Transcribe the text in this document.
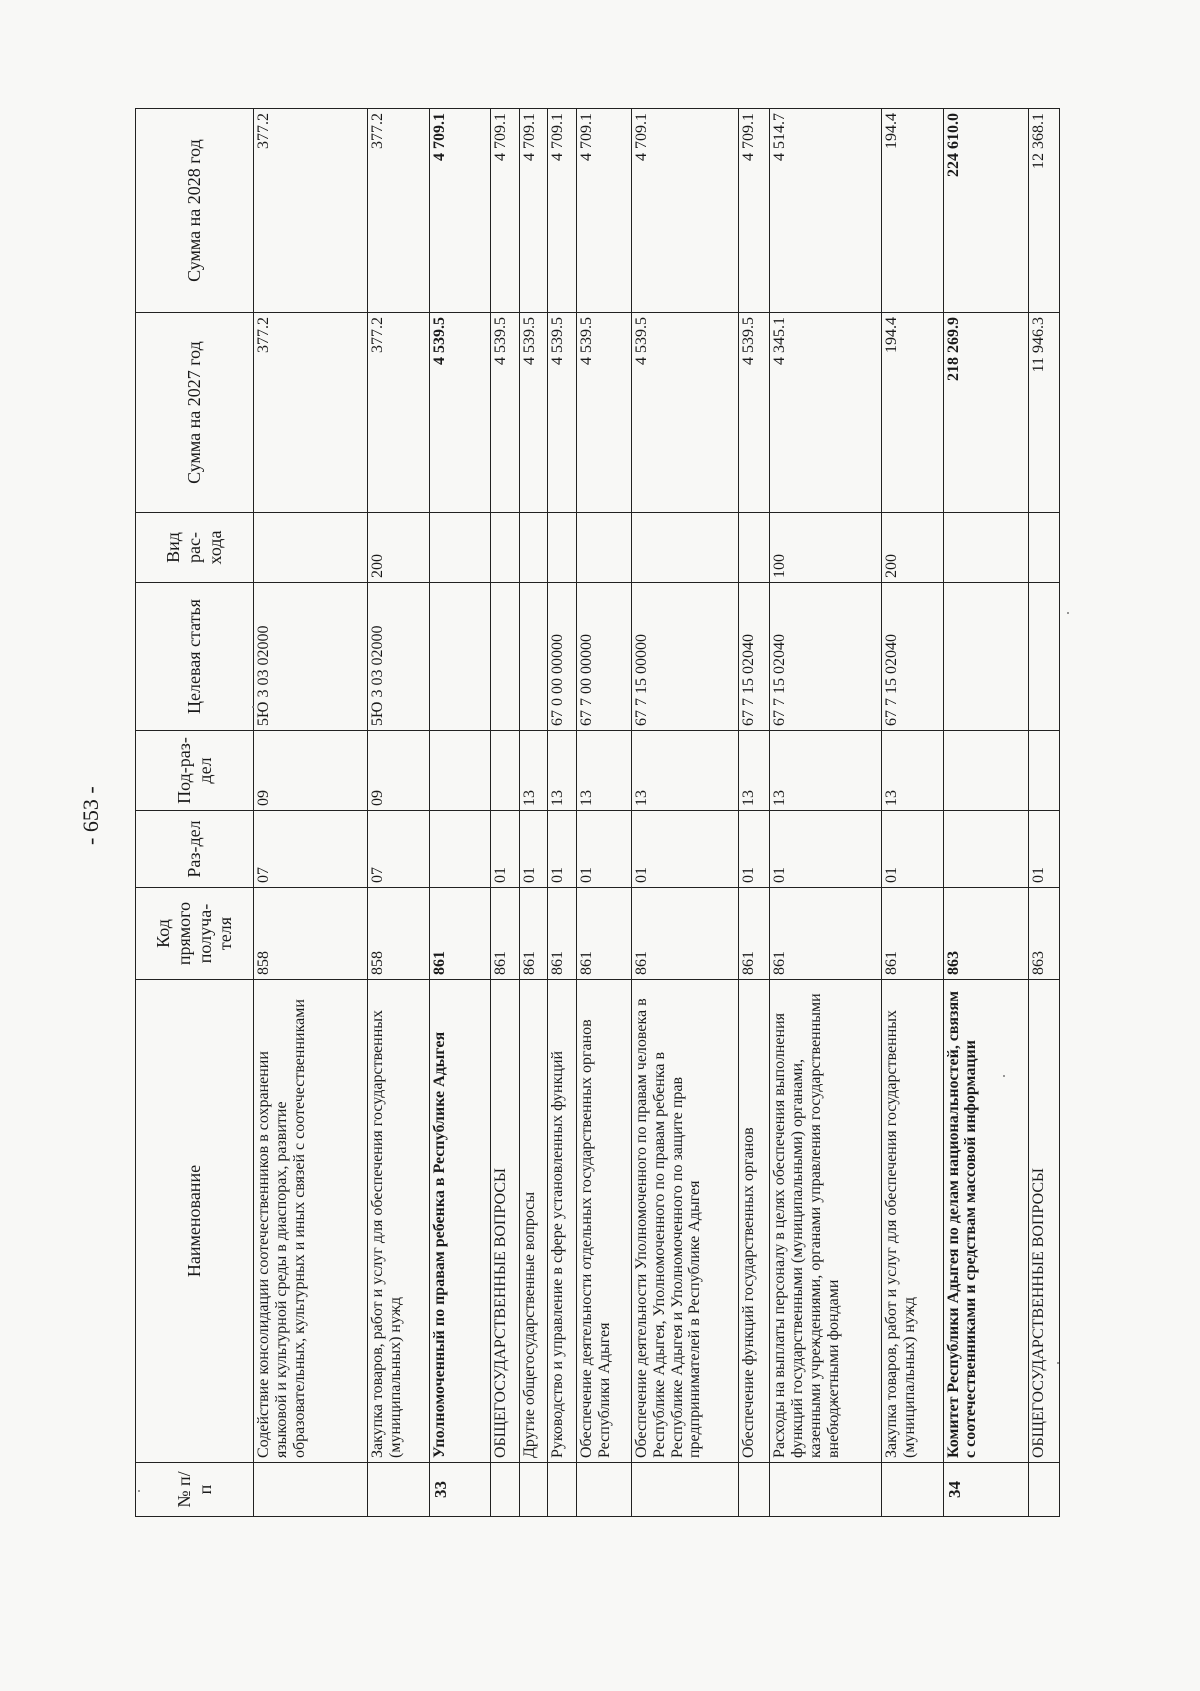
- 653 -
№ п/п	Наименование	Код прямого получа-теля	Раз-дел	Под-раз-дел	Целевая статья	Вид рас-хода	Сумма на 2027 год	Сумма на 2028 год
	Содействие консолидации соотечественников в сохранении языковой и культурной среды в диаспорах, развитие образовательных, культурных и иных связей с соотечественниками	858	07	09	5Ю 3 03 02000		377.2	377.2
	Закупка товаров, работ и услуг для обеспечения государственных (муниципальных) нужд	858	07	09	5Ю 3 03 02000	200	377.2	377.2
33	Уполномоченный по правам ребенка в Республике Адыгея	861					4 539.5	4 709.1
	ОБЩЕГОСУДАРСТВЕННЫЕ ВОПРОСЫ	861	01				4 539.5	4 709.1
	Другие общегосударственные вопросы	861	01	13			4 539.5	4 709.1
	Руководство и управление в сфере установленных функций	861	01	13	67 0 00 00000		4 539.5	4 709.1
	Обеспечение деятельности отдельных государственных органов Республики Адыгея	861	01	13	67 7 00 00000		4 539.5	4 709.1
	Обеспечение деятельности Уполномоченного по правам человека в Республике Адыгея, Уполномоченного по правам ребенка в Республике Адыгея и Уполномоченного по защите прав предпринимателей в Республике Адыгея	861	01	13	67 7 15 00000		4 539.5	4 709.1
	Обеспечение функций государственных органов	861	01	13	67 7 15 02040		4 539.5	4 709.1
	Расходы на выплаты персоналу в целях обеспечения выполнения функций государственными (муниципальными) органами, казенными учреждениями, органами управления государственными внебюджетными фондами	861	01	13	67 7 15 02040	100	4 345.1	4 514.7
	Закупка товаров, работ и услуг для обеспечения государственных (муниципальных) нужд	861	01	13	67 7 15 02040	200	194.4	194.4
34	Комитет Республики Адыгея по делам национальностей, связям с соотечественниками и средствам массовой информации	863					218 269.9	224 610.0
	ОБЩЕГОСУДАРСТВЕННЫЕ ВОПРОСЫ	863	01				11 946.3	12 368.1
